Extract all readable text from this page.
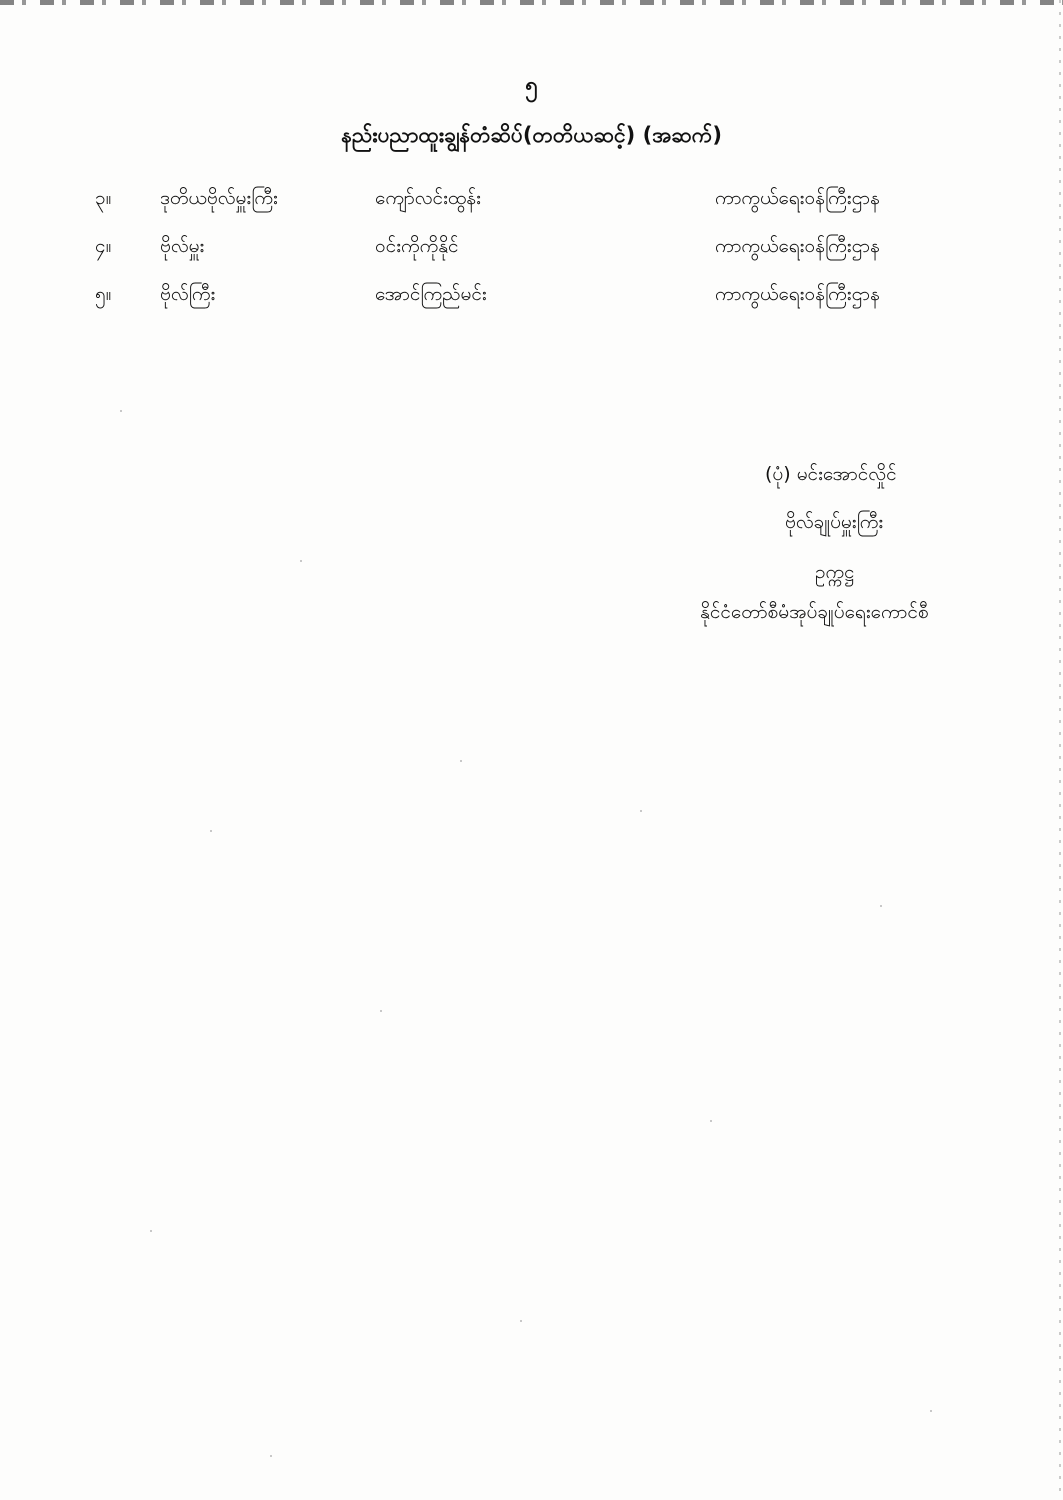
၅
နည်းပညာထူးချွန်တံဆိပ်(တတိယဆင့်) (အဆက်)
၃။	ဒုတိယဗိုလ်မှူးကြီး	ကျော်လင်းထွန်း	ကာကွယ်ရေးဝန်ကြီးဌာန
၄။	ဗိုလ်မှူး	ဝင်းကိုကိုနိုင်	ကာကွယ်ရေးဝန်ကြီးဌာန
၅။	ဗိုလ်ကြီး	အောင်ကြည်မင်း	ကာကွယ်ရေးဝန်ကြီးဌာန
(ပုံ) မင်းအောင်လှိုင်
ဗိုလ်ချုပ်မှူးကြီး
ဥက္ကဋ္ဌ
နိုင်ငံတော်စီမံအုပ်ချုပ်ရေးကောင်စီ
